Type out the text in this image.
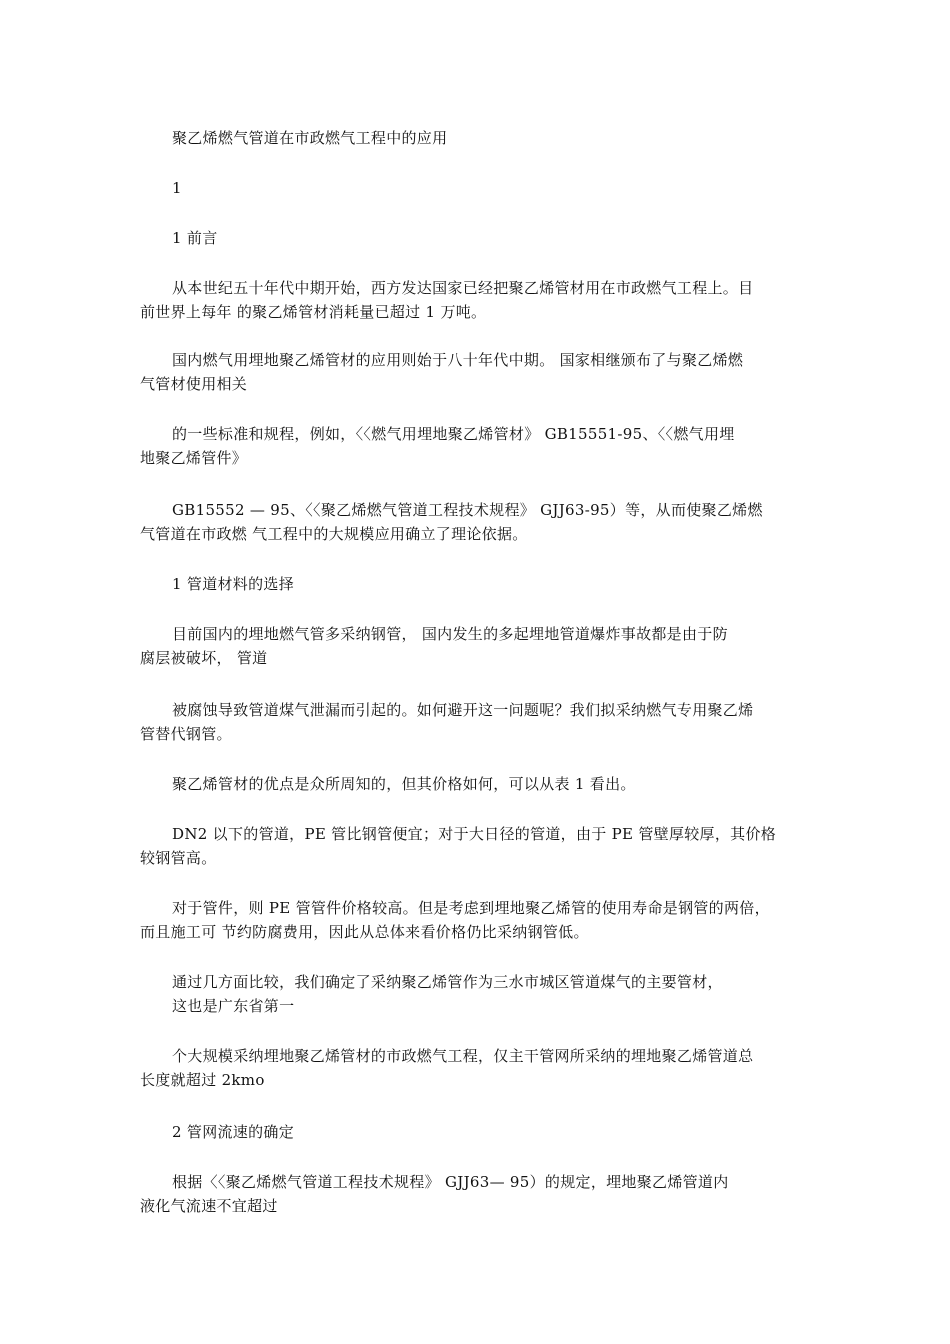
聚乙烯燃气管道在市政燃气工程中的应用
1
1 前言
从本世纪五十年代中期开始，西方发达国家已经把聚乙烯管材用在市政燃气工程上。目
前世界上每年 的聚乙烯管材消耗量已超过 1 万吨。
国内燃气用埋地聚乙烯管材的应用则始于八十年代中期。 国家相继颁布了与聚乙烯燃
气管材使用相关
的一些标准和规程，例如，〈〈燃气用埋地聚乙烯管材》 GB15551-95、〈〈燃气用埋
地聚乙烯管件》
GB15552 — 95、〈〈聚乙烯燃气管道工程技术规程》 GJJ63-95）等，从而使聚乙烯燃
气管道在市政燃 气工程中的大规模应用确立了理论依据。
1 管道材料的选择
目前国内的埋地燃气管多采纳钢管， 国内发生的多起埋地管道爆炸事故都是由于防
腐层被破坏， 管道
被腐蚀导致管道煤气泄漏而引起的。如何避开这一问题呢？我们拟采纳燃气专用聚乙烯
管替代钢管。
聚乙烯管材的优点是众所周知的，但其价格如何，可以从表 1 看出。
DN2 以下的管道，PE 管比钢管便宜；对于大日径的管道，由于 PE 管壁厚较厚，其价格
较钢管高。
对于管件，则 PE 管管件价格较高。但是考虑到埋地聚乙烯管的使用寿命是钢管的两倍，
而且施工可 节约防腐费用，因此从总体来看价格仍比采纳钢管低。
通过几方面比较，我们确定了采纳聚乙烯管作为三水市城区管道煤气的主要管材，
这也是广东省第一
个大规模采纳埋地聚乙烯管材的市政燃气工程，仅主干管网所采纳的埋地聚乙烯管道总
长度就超过 2kmo
2 管网流速的确定
根据〈〈聚乙烯燃气管道工程技术规程》 GJJ63— 95）的规定，埋地聚乙烯管道内
液化气流速不宜超过
